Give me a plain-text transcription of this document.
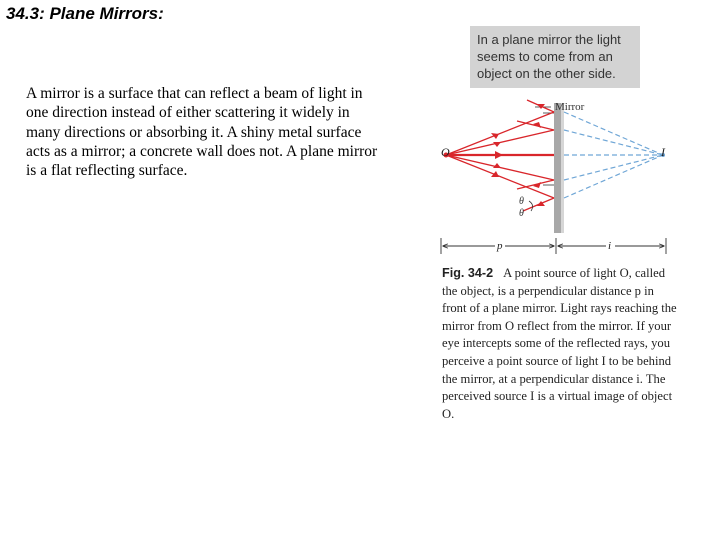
34.3: Plane Mirrors:
A mirror is a surface that can reflect a beam of light in one direction instead of either scattering it widely in many directions or absorbing it. A shiny metal surface acts as a mirror; a concrete wall does not. A plane mirror is a flat reflecting surface.
In a plane mirror the light seems to come from an object on the other side.
Mirror
O	I
θ
θ
p	i
Fig. 34-2 A point source of light O, called the object, is a perpendicular distance p in front of a plane mirror. Light rays reaching the mirror from O reflect from the mirror. If your eye intercepts some of the reflected rays, you perceive a point source of light I to be behind the mirror, at a perpendicular distance i. The perceived source I is a virtual image of object O.
